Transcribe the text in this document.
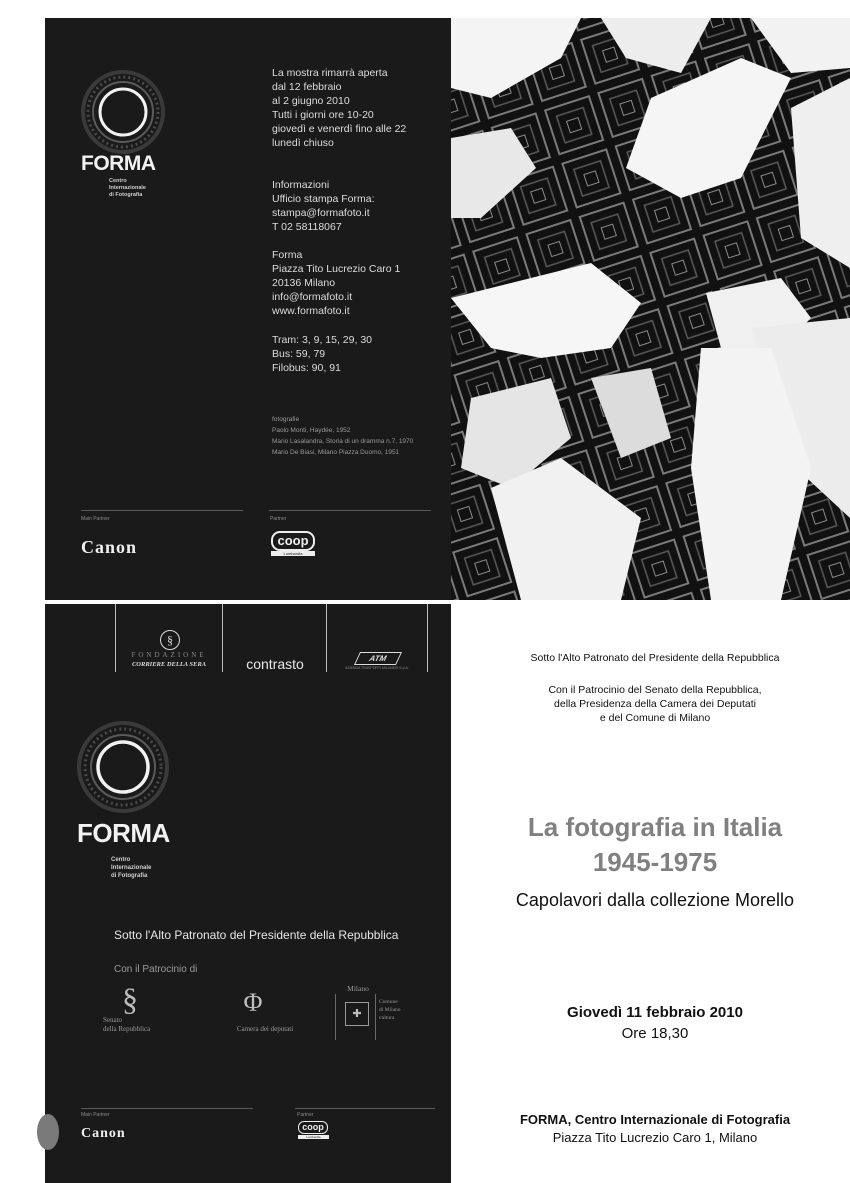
FORMA
Centro
Internazionale
di Fotografia
La mostra rimarrà aperta
dal 12 febbraio
al 2 giugno 2010
Tutti i giorni ore 10-20
giovedì e venerdì fino alle 22
lunedì chiuso
Informazioni
Ufficio stampa Forma:
stampa@formafoto.it
T 02 58118067
Forma
Piazza Tito Lucrezio Caro 1
20136 Milano
info@formafoto.it
www.formafoto.it
Tram: 3, 9, 15, 29, 30
Bus: 59, 79
Filobus: 90, 91
fotografie
Paolo Monti, Haydée, 1952
Mario Lasalandra, Storia di un dramma n.7, 1970
Mario De Biasi, Milano Piazza Duomo, 1951
Main Partner	Partner
Canon	coop
Lombardia
§
FONDAZIONE
CORRIERE DELLA SERA	contrasto	ATM
AZIENDA TRASPORTI MILANESI S.p.A.
FORMA
Centro
Internazionale
di Fotografia
Sotto l'Alto Patronato del Presidente della Repubblica
Con il Patrocinio di
§
Senato
della Repubblica
Φ
Camera dei deputati
Milano
✚
Comune
di Milano
cultura
Main Partner	Partner
Canon	coop
Lombardia
Sotto l'Alto Patronato del Presidente della Repubblica
Con il Patrocinio del Senato della Repubblica,
della Presidenza della Camera dei Deputati
e del Comune di Milano
La fotografia in Italia
1945-1975
Capolavori dalla collezione Morello
Giovedì 11 febbraio 2010
Ore 18,30
FORMA, Centro Internazionale di Fotografia
Piazza Tito Lucrezio Caro 1, Milano
